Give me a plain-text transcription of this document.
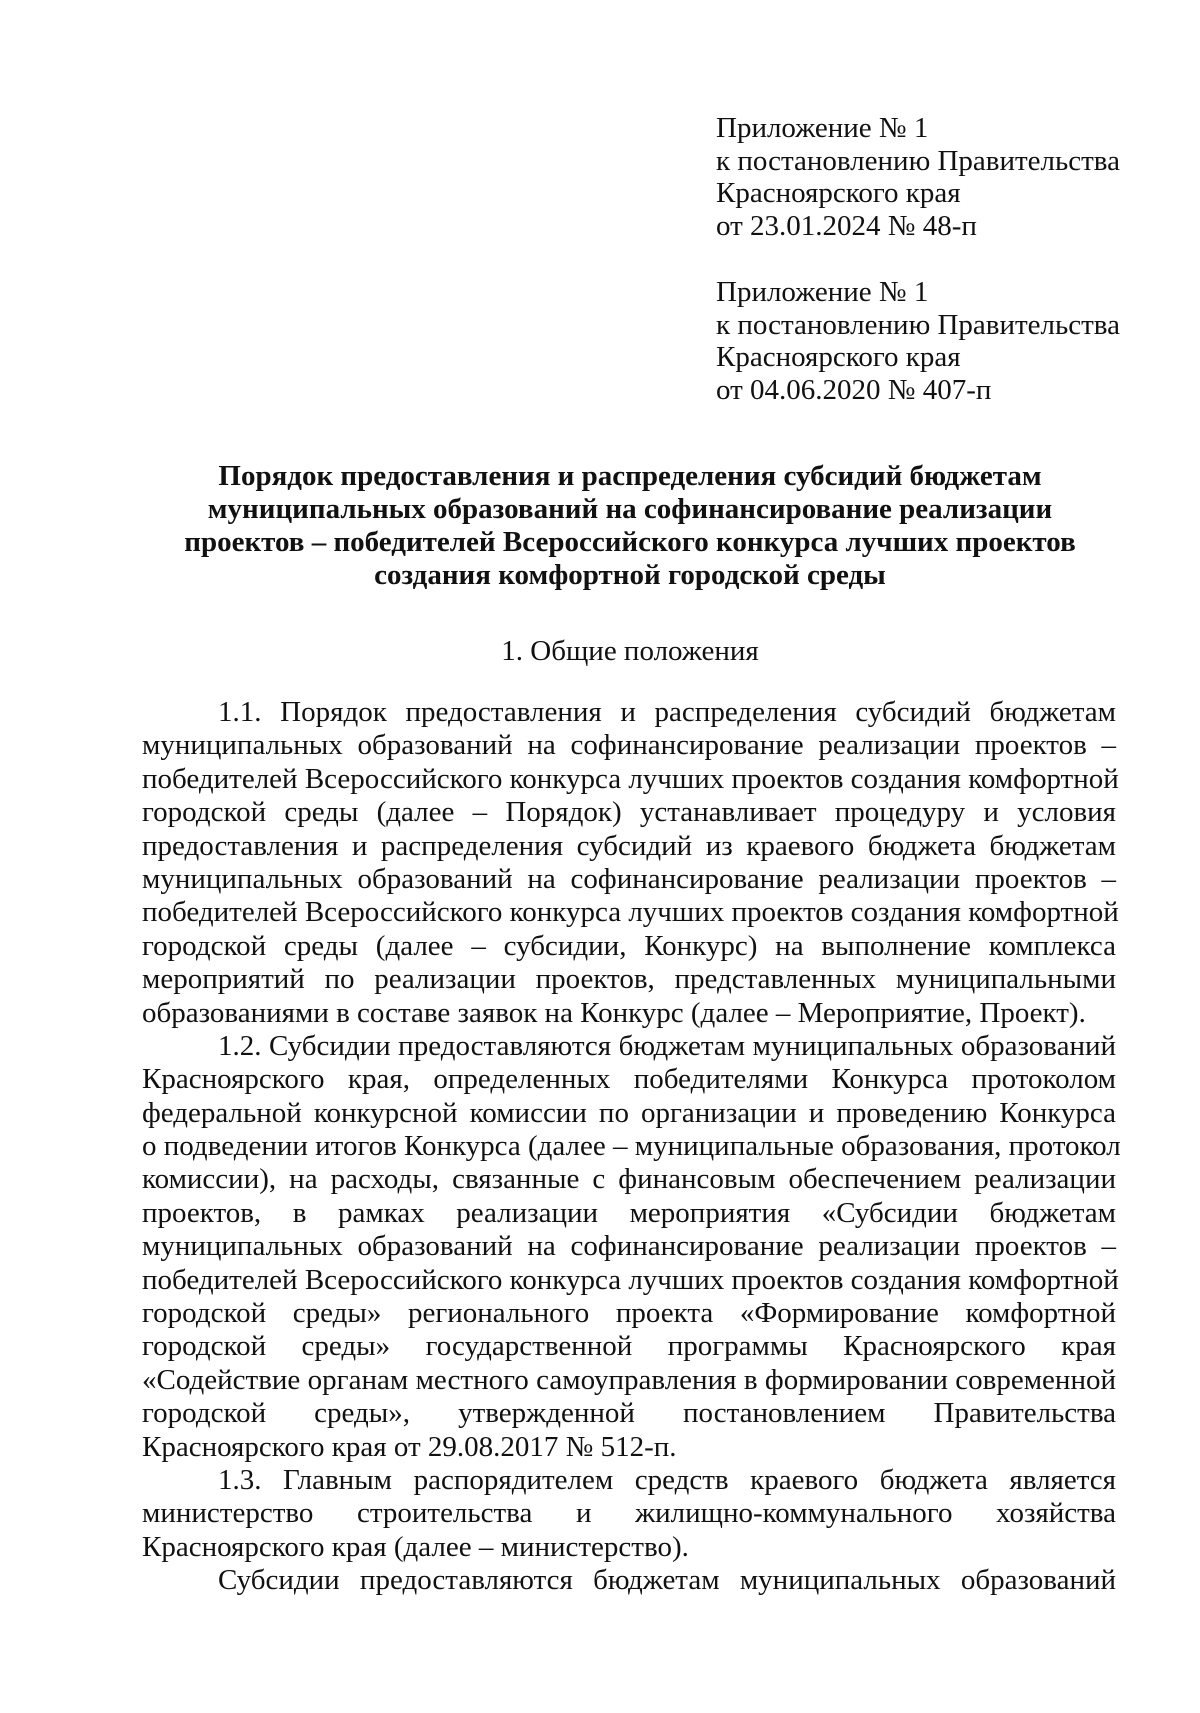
Приложение № 1
к постановлению Правительства
Красноярского края
от 23.01.2024 № 48-п
Приложение № 1
к постановлению Правительства
Красноярского края
от 04.06.2020 № 407-п
Порядок предоставления и распределения субсидий бюджетам
муниципальных образований на софинансирование реализации
проектов – победителей Всероссийского конкурса лучших проектов
создания комфортной городской среды
1. Общие положения
1.1. Порядок предоставления и распределения субсидий бюджетам
муниципальных образований на софинансирование реализации проектов –
победителей Всероссийского конкурса лучших проектов создания комфортной
городской среды (далее – Порядок) устанавливает процедуру и условия
предоставления и распределения субсидий из краевого бюджета бюджетам
муниципальных образований на софинансирование реализации проектов –
победителей Всероссийского конкурса лучших проектов создания комфортной
городской среды (далее – субсидии, Конкурс) на выполнение комплекса
мероприятий по реализации проектов, представленных муниципальными
образованиями в составе заявок на Конкурс (далее – Мероприятие, Проект).
1.2. Субсидии предоставляются бюджетам муниципальных образований
Красноярского края, определенных победителями Конкурса протоколом
федеральной конкурсной комиссии по организации и проведению Конкурса
о подведении итогов Конкурса (далее – муниципальные образования, протокол
комиссии), на расходы, связанные с финансовым обеспечением реализации
проектов, в рамках реализации мероприятия «Субсидии бюджетам
муниципальных образований на софинансирование реализации проектов –
победителей Всероссийского конкурса лучших проектов создания комфортной
городской среды» регионального проекта «Формирование комфортной
городской среды» государственной программы Красноярского края
«Содействие органам местного самоуправления в формировании современной
городской среды», утвержденной постановлением Правительства
Красноярского края от 29.08.2017 № 512-п.
1.3. Главным распорядителем средств краевого бюджета является
министерство строительства и жилищно-коммунального хозяйства
Красноярского края (далее – министерство).
Субсидии предоставляются бюджетам муниципальных образований
